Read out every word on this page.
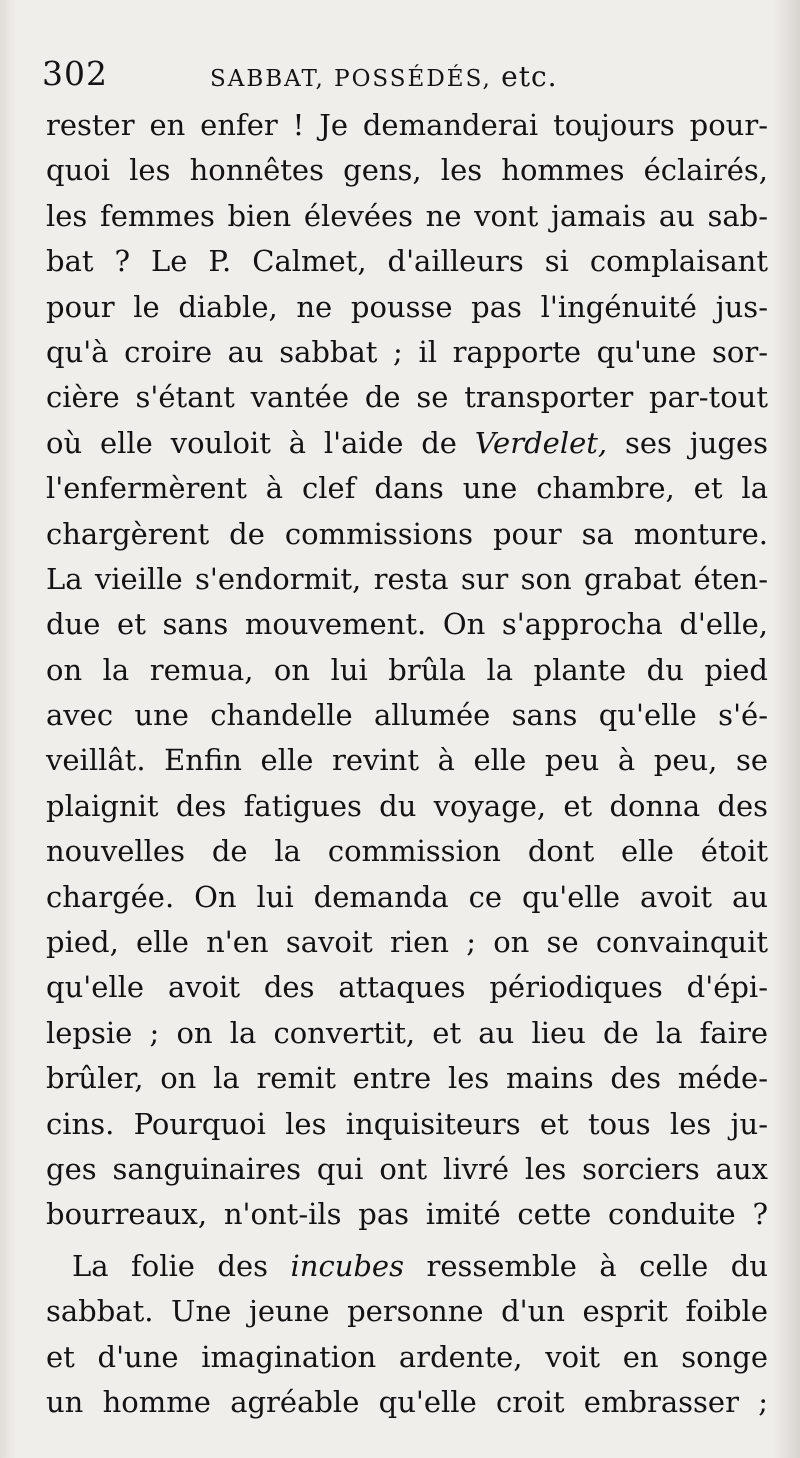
302	SABBAT, POSSÉDÉS, etc.
rester en enfer ! Je demanderai toujours pour-
quoi les honnêtes gens, les hommes éclairés,
les femmes bien élevées ne vont jamais au sab-
bat ? Le P. Calmet, d'ailleurs si complaisant
pour le diable, ne pousse pas l'ingénuité jus-
qu'à croire au sabbat ; il rapporte qu'une sor-
cière s'étant vantée de se transporter par-tout
où elle vouloit à l'aide de Verdelet, ses juges
l'enfermèrent à clef dans une chambre, et la
chargèrent de commissions pour sa monture.
La vieille s'endormit, resta sur son grabat éten-
due et sans mouvement. On s'approcha d'elle,
on la remua, on lui brûla la plante du pied
avec une chandelle allumée sans qu'elle s'é-
veillât. Enfin elle revint à elle peu à peu, se
plaignit des fatigues du voyage, et donna des
nouvelles de la commission dont elle étoit
chargée. On lui demanda ce qu'elle avoit au
pied, elle n'en savoit rien ; on se convainquit
qu'elle avoit des attaques périodiques d'épi-
lepsie ; on la convertit, et au lieu de la faire
brûler, on la remit entre les mains des méde-
cins. Pourquoi les inquisiteurs et tous les ju-
ges sanguinaires qui ont livré les sorciers aux
bourreaux, n'ont-ils pas imité cette conduite ?
La folie des incubes ressemble à celle du
sabbat. Une jeune personne d'un esprit foible
et d'une imagination ardente, voit en songe
un homme agréable qu'elle croit embrasser ;
